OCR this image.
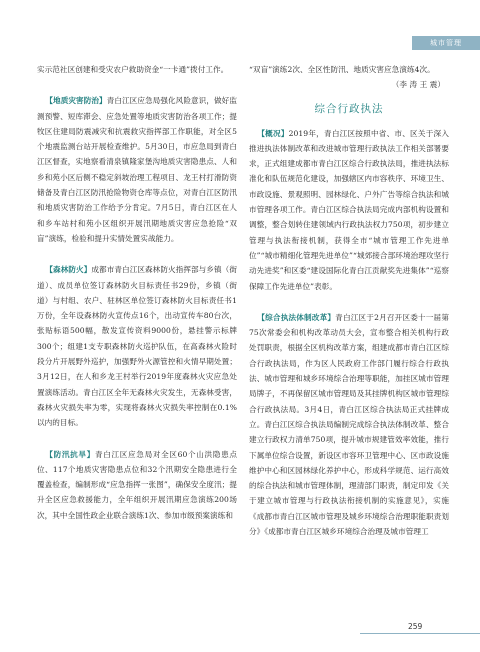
城市管理

实示范社区创建和受灾农户救助资金“一卡通”拨付工作。

【地质灾害防治】青白江区应急局强化风险意识，做好监测预警、短库滞会、应急处置等地质灾害防治各项工作；提牧区住建局防震减灾和抗震救灾指挥部工作职能，对全区5个地震监测台站开展检查维护。5月30日，市应急局到青白江区督查，实地察看清泉镇隆家堡沟地质灾害隐患点、人和乡和苑小区后侧不稳定斜坡治理工程项目、龙王村打滑防资储备及青白江区防汛抢险物资仓库等点位，对青白江区防汛和地质灾害防治工作给予分肯定。7月5日，青白江区在人和乡车站村和苑小区组织开展汛期地质灾害应急抢险“双盲”演练，检验和提升实情处置实战能力。

【森林防火】成都市青白江区森林防火指挥部与乡镇（街道）、成员单位签订森林防火目标责任书29份，乡镇（街道）与村组、农户、驻林区单位签订森林防火目标责任书1万份，全年设森林防火宣传点16个，出动宣传车80台次，张贴标语500幅，散发宣传资料9000份，悬挂警示标牌300个；组建1支专职森林防火巡护队伍，在高森林火险时段分片开展野外巡护，加强野外火源管控和火情早期处置；3月12日，在人和乡龙王村举行2019年度森林火灾应急处置演练活动。青白江区全年无森林火灾发生，无森林受害，森林火灾损失率为零，实现将森林火灾损失率控制在0.1%以内的目标。

【防汛抗旱】青白江区应急局对全区60个山洪隐患点位、117个地质灾害隐患点位和32个汛期安全隐患进行全覆盖检查，编制形成“应急指挥一张图”，确保安全度汛；提升全区应急救援能力，全年组织开展汛期应急演练200场次，其中全国性政企业联合演练1次、参加市级预案演练和

“双盲”演练2次、全区性防汛、地质灾害应急演练4次。

（李 涛 王 震）

综合行政执法

【概况】2019年，青白江区按照中省、市、区关于深入推进执法体制改革和改进城市管理行政执法工作相关部署要求，正式组建成都市青白江区综合行政执法局，推进执法标准化和队伍规范化建设，加强辖区内市容秩序、环境卫生、市政设施、景观照明、园林绿化、户外广告等综合执法和城市管理各项工作。青白江区综合执法局完成内部机构设置和调整，整合划转住建领域内行政执法权力750项，初步建立管理与执法衔接机制，获得全市“城市管理工作先进单位”“城市精细化管理先进单位”“城郊接合部环境治理攻坚行动先进奖”和区委“建设国际化青白江贡献奖先进集体”“巡察保障工作先进单位”表彰。

【综合执法体制改革】青白江区于2月召开区委十一届第75次常委会和机构改革动员大会，宣布整合相关机构行政处罚职责，根据全区机构改革方案，组建成都市青白江区综合行政执法局，作为区人民政府工作部门履行综合行政执法、城市管理和城乡环境综合治理等职能，加挂区城市管理局牌子，不再保留区城市管理局及其挂牌机构区城市管理综合行政执法局。3月4日，青白江区综合执法局正式挂牌成立。青白江区综合执法局编制完成综合执法体制改革、整合建立行政权力清单750项，提升城市规建管效率效能，推行下属单位综合设置，新设区市容环卫管理中心、区市政设施维护中心和区园林绿化养护中心，形成科学规范、运行高效的综合执法和城市管理体制，理清部门职责，制定印发《关于建立城市管理与行政执法衔接机制的实施意见》，实施《成都市青白江区城市管理及城乡环境综合治理职能职责划分》《成都市青白江区城乡环境综合治理及城市管理工

259
